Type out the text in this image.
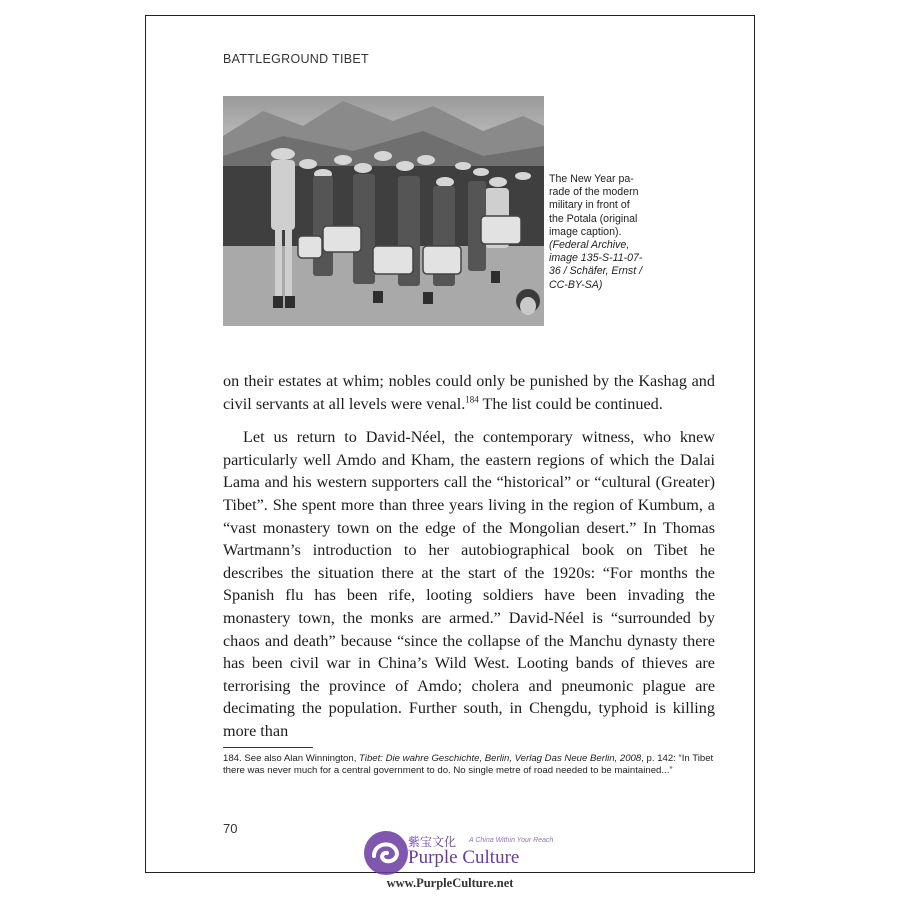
BATTLEGROUND TIBET
The New Year pa-
rade of the modern
military in front of
the Potala (original
image caption).
(Federal Archive,
image 135-S-11-07-
36 / Schäfer, Ernst /
CC-BY-SA)

on their estates at whim; nobles could only be punished by the Kashag and civil servants at all levels were venal.$^{184}$ The list could be continued.

Let us return to David-Néel, the contemporary witness, who knew particularly well Amdo and Kham, the eastern regions of which the Dalai Lama and his western supporters call the “historical” or “cultural (Greater) Tibet”. She spent more than three years living in the region of Kumbum, a “vast monastery town on the edge of the Mongolian desert.” In Thomas Wartmann’s introduction to her autobiographical book on Tibet he describes the situation there at the start of the 1920s: “For months the Spanish flu has been rife, looting soldiers have been invading the monastery town, the monks are armed.” David-Néel is “surrounded by chaos and death” because “since the collapse of the Manchu dynasty there has been civil war in China’s Wild West. Looting bands of thieves are terrorising the province of Amdo; cholera and pneumonic plague are decimating the population. Further south, in Chengdu, typhoid is killing more than

184. See also Alan Winnington, Tibet: Die wahre Geschichte, Berlin, Verlag Das Neue Berlin, 2008, p. 142: “In Tibet there was never much for a central government to do. No single metre of road needed to be maintained...”
70
紫宝文化 A China Within Your Reach
Purple Culture
www.PurpleCulture.net
